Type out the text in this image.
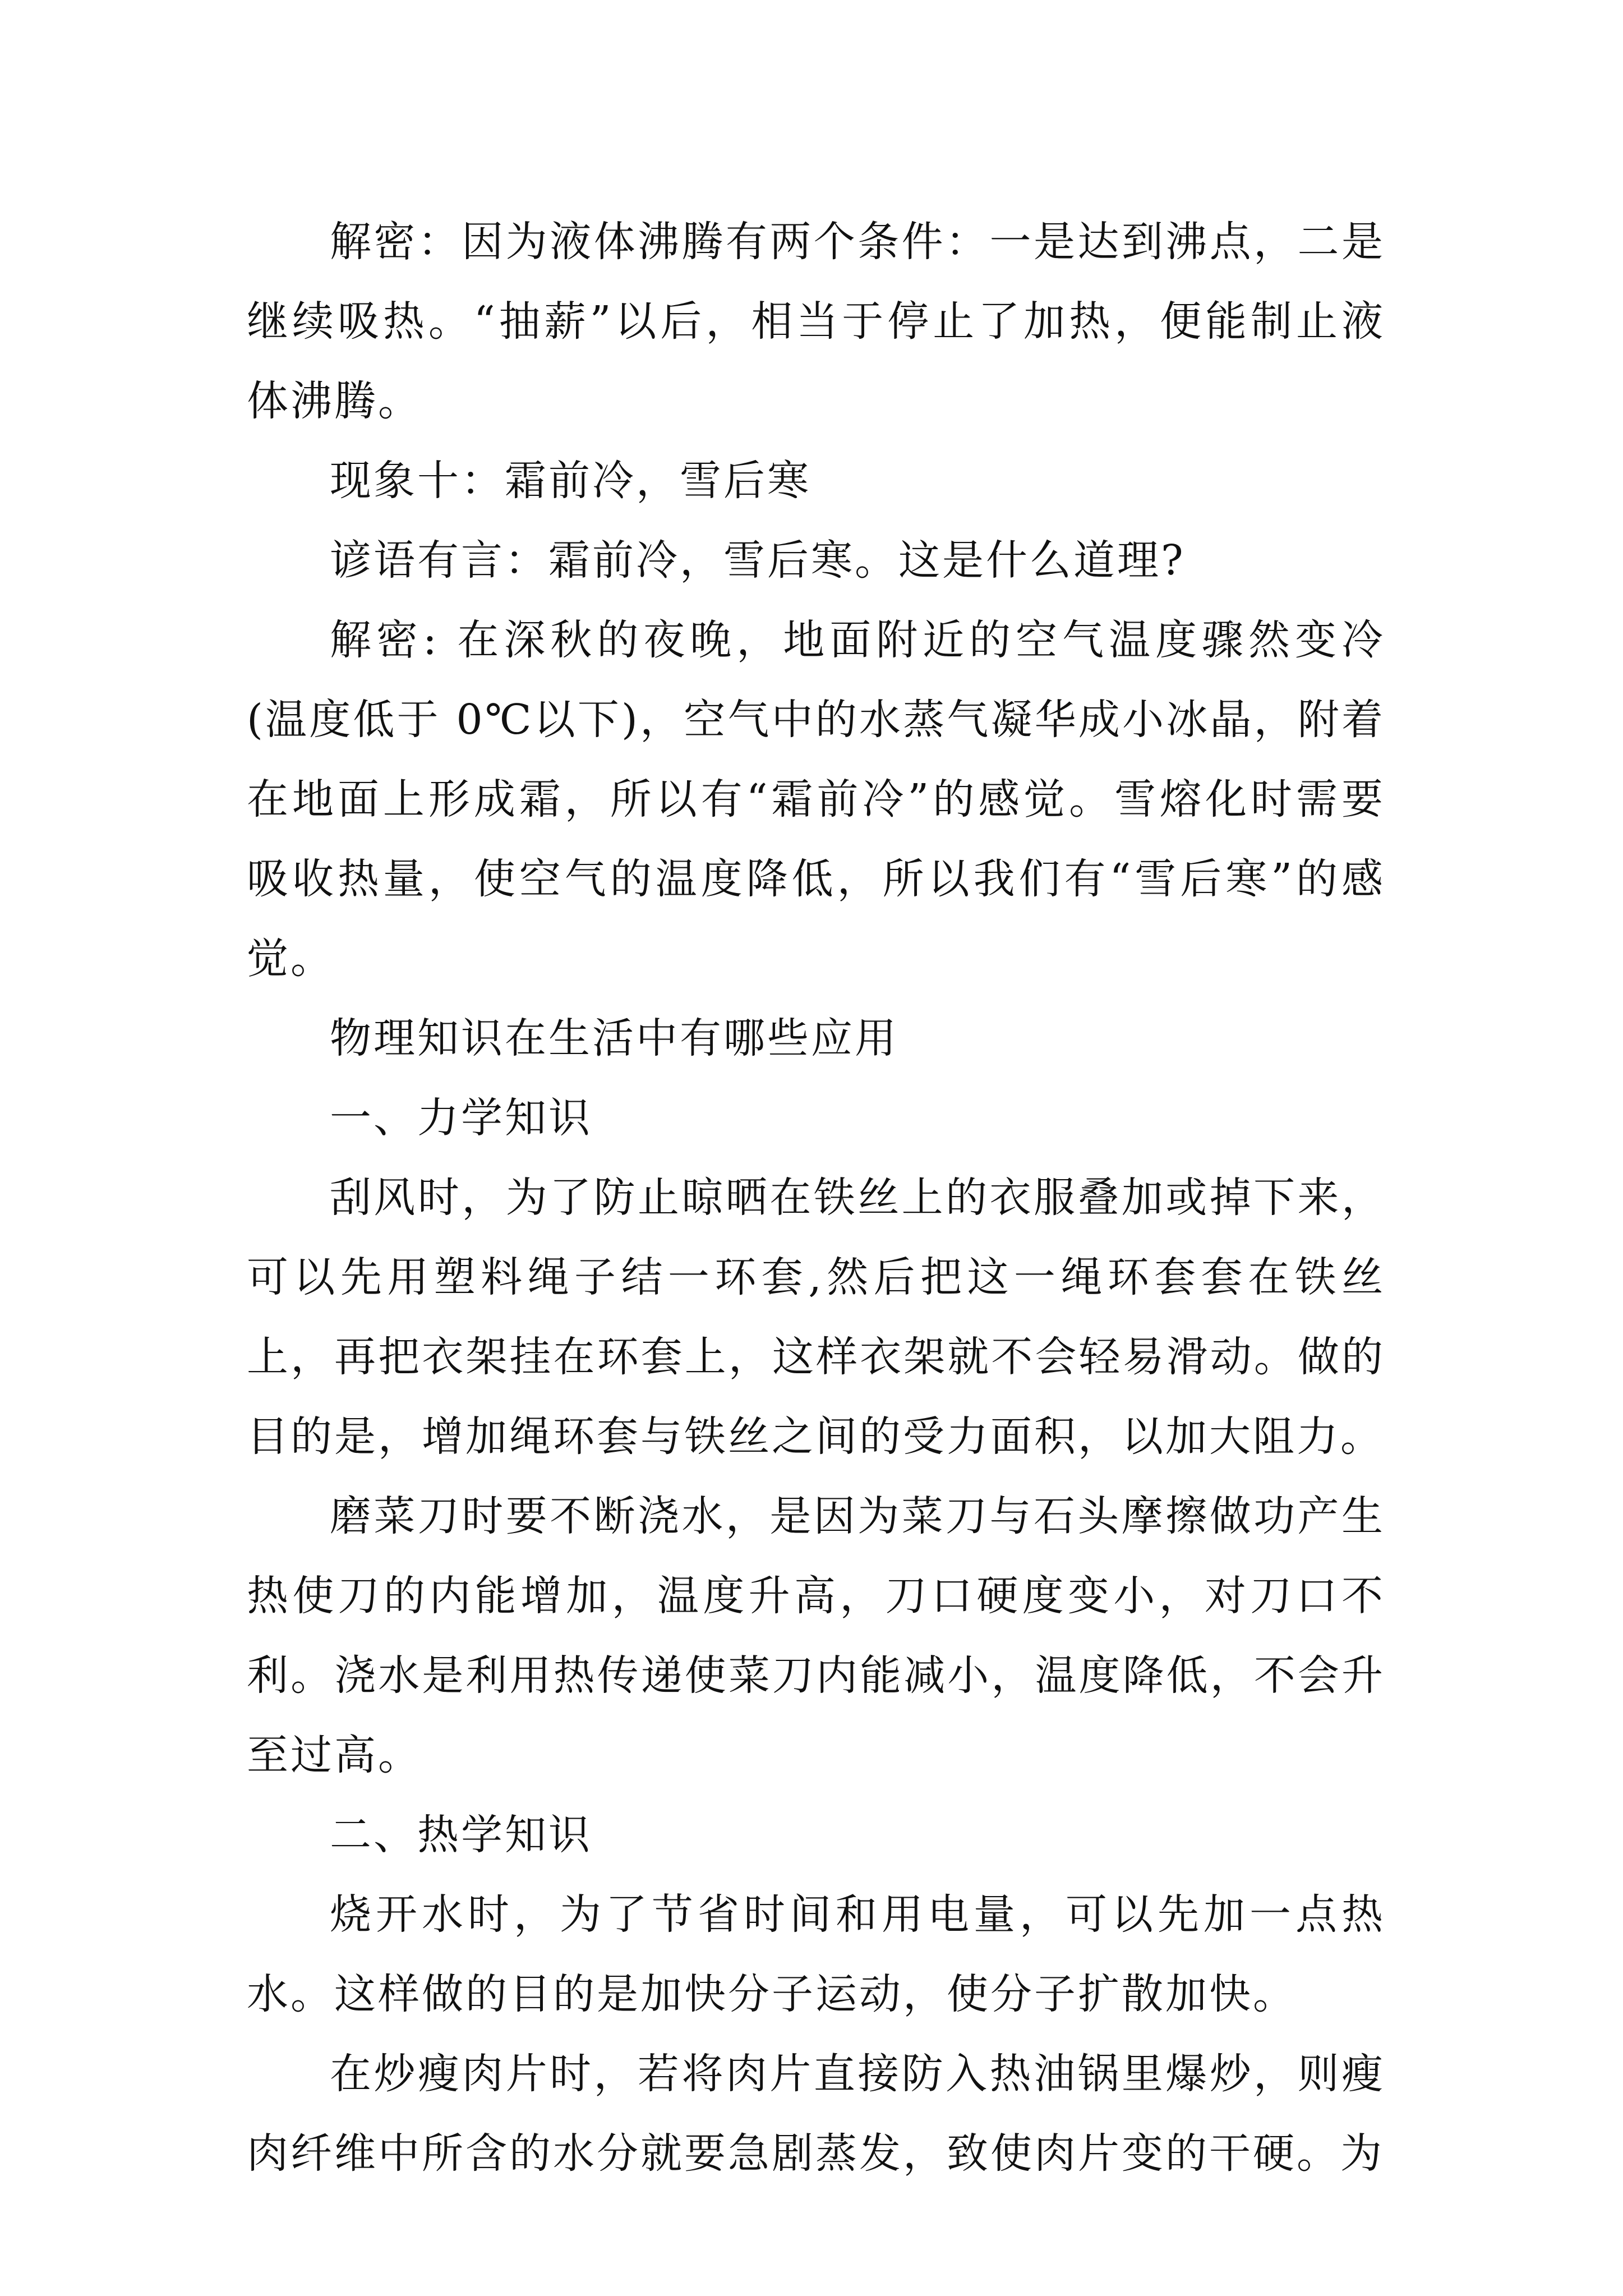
解密：因为液体沸腾有两个条件：一是达到沸点，二是继续吸热。“抽薪”以后，相当于停止了加热，便能制止液体沸腾。

现象十：霜前冷，雪后寒

谚语有言：霜前冷，雪后寒。这是什么道理?

解密: 在深秋的夜晚，地面附近的空气温度骤然变冷(温度低于 0℃以下)，空气中的水蒸气凝华成小冰晶，附着在地面上形成霜，所以有“霜前冷”的感觉。雪熔化时需要吸收热量，使空气的温度降低，所以我们有“雪后寒”的感觉。

物理知识在生活中有哪些应用

一、力学知识

刮风时，为了防止晾晒在铁丝上的衣服叠加或掉下来，可以先用塑料绳子结一环套,然后把这一绳环套套在铁丝上，再把衣架挂在环套上，这样衣架就不会轻易滑动。做的目的是，增加绳环套与铁丝之间的受力面积，以加大阻力。

磨菜刀时要不断浇水，是因为菜刀与石头摩擦做功产生热使刀的内能增加，温度升高，刀口硬度变小，对刀口不利。浇水是利用热传递使菜刀内能减小，温度降低，不会升至过高。

二、热学知识

烧开水时，为了节省时间和用电量，可以先加一点热水。这样做的目的是加快分子运动，使分子扩散加快。

在炒瘦肉片时，若将肉片直接防入热油锅里爆炒，则瘦肉纤维中所含的水分就要急剧蒸发，致使肉片变的干硬。为
